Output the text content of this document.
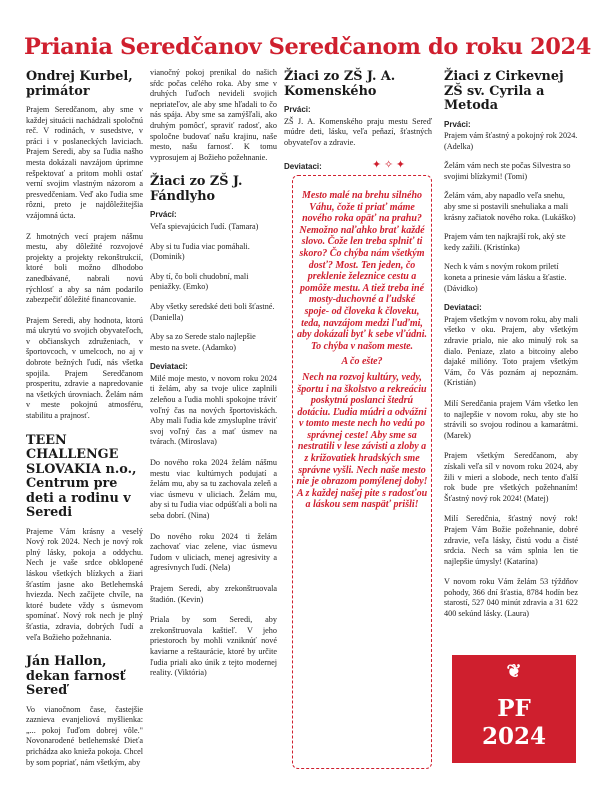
Priania Seredčanov Seredčanom do roku 2024
Ondrej Kurbel, primátor

Prajem Seredčanom, aby sme v každej situácii nachádzali spoločnú reč. V rodinách, v susedstve, v práci i v poslaneckých laviciach. Prajem Seredi, aby sa ľudia našho mesta dokázali navzájom úprimne rešpektovať a pritom mohli ostať verní svojim vlastným názorom a presvedčeniam. Veď ako ľudia sme rôzni, preto je najdôležitejšia vzájomná úcta.

Z hmotných vecí prajem nášmu mestu, aby dôležité rozvojové projekty a projekty rekonštrukcií, ktoré boli možno dlhodobo zanedbávané, nabrali novú rýchlosť a aby sa nám podarilo zabezpečiť dôležité financovanie.

Prajem Seredi, aby hodnota, ktorú má ukrytú vo svojich obyvateľoch, v občianskych združeniach, v športovcoch, v umelcoch, no aj v dobrote bežných ľudí, nás všetka spojila. Prajem Seredčanom prosperitu, zdravie a napredovanie na všetkých úrovniach. Želám nám v meste pokojnú atmosféru, stabilitu a prajnosť.

TEEN CHALLENGE SLOVAKIA n.o., Centrum pre deti a rodinu v Seredi

Prajeme Vám krásny a veselý Nový rok 2024. Nech je nový rok plný lásky, pokoja a oddychu. Nech je vaše srdce obklopené láskou všetkých blízkych a žiari šťastím jasne ako Betlehemská hviezda. Nech začíjete chvíle, na ktoré budete vždy s úsmevom spomínať. Nový rok nech je plný šťastia, zdravia, dobrých ľudí a veľa Božieho požehnania.

Ján Hallon, dekan farnosť Sereď

Vo vianočnom čase, častejšie zaznieva evanjeliová myšlienka: „... pokoj ľuďom dobrej vôle." Novonarodené betlehemské Dieťa prichádza ako knieža pokoja. Chcel by som popriať, nám všetkým, aby

vianočný pokoj prenikal do našich sŕdc počas celého roka. Aby sme v druhých ľuďoch nevideli svojich nepriateľov, ale aby sme hľadali to čo nás spája. Aby sme sa zamýšľali, ako druhým pomôcť, spraviť radosť, ako spoločne budovať našu krajinu, naše mesto, našu farnosť. K tomu vyprosujem aj Božieho požehnanie.

Žiaci zo ZŠ J. Fándlyho
Prvácí:

Veľa spievajúcich ľudí. (Tamara)

Aby si tu ľudia viac pomáhali. (Dominik)

Aby tí, čo boli chudobní, mali peniažky. (Emko)

Aby všetky seredské deti boli šťastné. (Daniella)

Aby sa zo Serede stalo najlepšie mesto na svete. (Adamko)

Deviataci:

Milé moje mesto, v novom roku 2024 ti želám, aby sa tvoje ulice zaplnili zeleňou a ľudia mohli spokojne tráviť voľný čas na nových športoviskách. Aby mali ľudia kde zmysluplne tráviť svoj voľný čas a mať úsmev na tvárach. (Miroslava)

Do nového roka 2024 želám nášmu mestu viac kultúrnych podujatí a želám mu, aby sa tu zachovala zeleň a viac úsmevu v uliciach. Želám mu, aby si tu ľudia viac odpúšťali a boli na seba dobrí. (Nina)

Do nového roku 2024 ti želám zachovať viac zelene, viac úsmevu ľudom v uliciach, menej agresivity a agresívnych ľudí. (Nela)

Prajem Seredi, aby zrekonštruovala štadión. (Kevin)

Priala by som Seredi, aby zrekonštruovala kaštieľ. V jeho priestoroch by mohli vzniknúť nové kaviarne a reštaurácie, ktoré by určite ľudia priali ako únik z tejto modernej reality. (Viktória)

Žiaci zo ZŠ J. A. Komenského
Prváci:

ZŠ J. A. Komenského praju mestu Sereď múdre deti, lásku, veľa peňazí, šťastných obyvateľov a zdravie.

Deviataci:	✦ ✧ ✦

Mesto malé na brehu silného Váhu, čože ti priať máme nového roka opäť na prahu? Nemožno naľahko brať každé slovo. Čože len treba splniť ti skoro? Čo chýba nám všetkým dosť? Most. Ten jeden, čo preklenie železnice cestu a pomôže mestu. A tiež treba iné mosty-duchovné a ľudské spoje- od človeka k človeku, teda, navzájom medzi ľuďmi, aby dokázali byť k sebe vľúdni. To chýba v našom meste.

A čo ešte?

Nech na rozvoj kultúry, vedy, športu i na školstvo a rekreáciu poskytnú poslanci štedrú dotáciu. Ľudia múdri a odvážni v tomto meste nech ho vedú po správnej ceste! Aby sme sa nestratili v lese závisti a zloby a z križovatiek hradských sme správne vyšli. Nech naše mesto nie je obrazom pomýlenej doby! A z každej našej pite s radosťou a láskou sem naspäť prišli!

Žiaci z Cirkevnej ZŠ sv. Cyrila a Metoda
Prváci:

Prajem vám šťastný a pokojný rok 2024. (Adelka)

Želám vám nech ste počas Silvestra so svojimi blízkymi! (Tomi)

Želám vám, aby napadlo veľa snehu, aby sme si postavili snehuliaka a mali krásny začiatok nového roka. (Lukáško)

Prajem vám ten najkrajší rok, aký ste kedy zažili. (Kristínka)

Nech k vám s novým rokom priletí koneta a prinesie vám lásku a šťastie. (Dávidko)

Deviataci:

Prajem všetkým v novom roku, aby mali všetko v oku. Prajem, aby všetkým zdravie prialo, nie ako minulý rok sa dialo. Peniaze, zlato a bitcoiny alebo dajaké milióny. Toto prajem všetkým Vám, čo Vás poznám aj nepoznám. (Kristián)

Milí Seredčania prajem Vám všetko len to najlepšie v novom roku, aby ste ho strávili so svojou rodinou a kamarátmi. (Marek)

Prajem všetkým Seredčanom, aby získali veľa síl v novom roku 2024, aby žili v mieri a slobode, nech tento ďalší rok bude pre všetkých požehnaním! Šťastný nový rok 2024! (Matej)

Milí Seredčnia, šťastný nový rok! Prajem Vám Božie požehnanie, dobré zdravie, veľa lásky, čistú vodu a čisté srdcia. Nech sa vám splnia len tie najlepšie úmysly! (Katarína)

V novom roku Vám želám 53 týždňov pohody, 366 dní šťastia, 8784 hodín bez starostí, 527 040 minút zdravia a 31 622 400 sekúnd lásky. (Laura)

❦
PF
2024
